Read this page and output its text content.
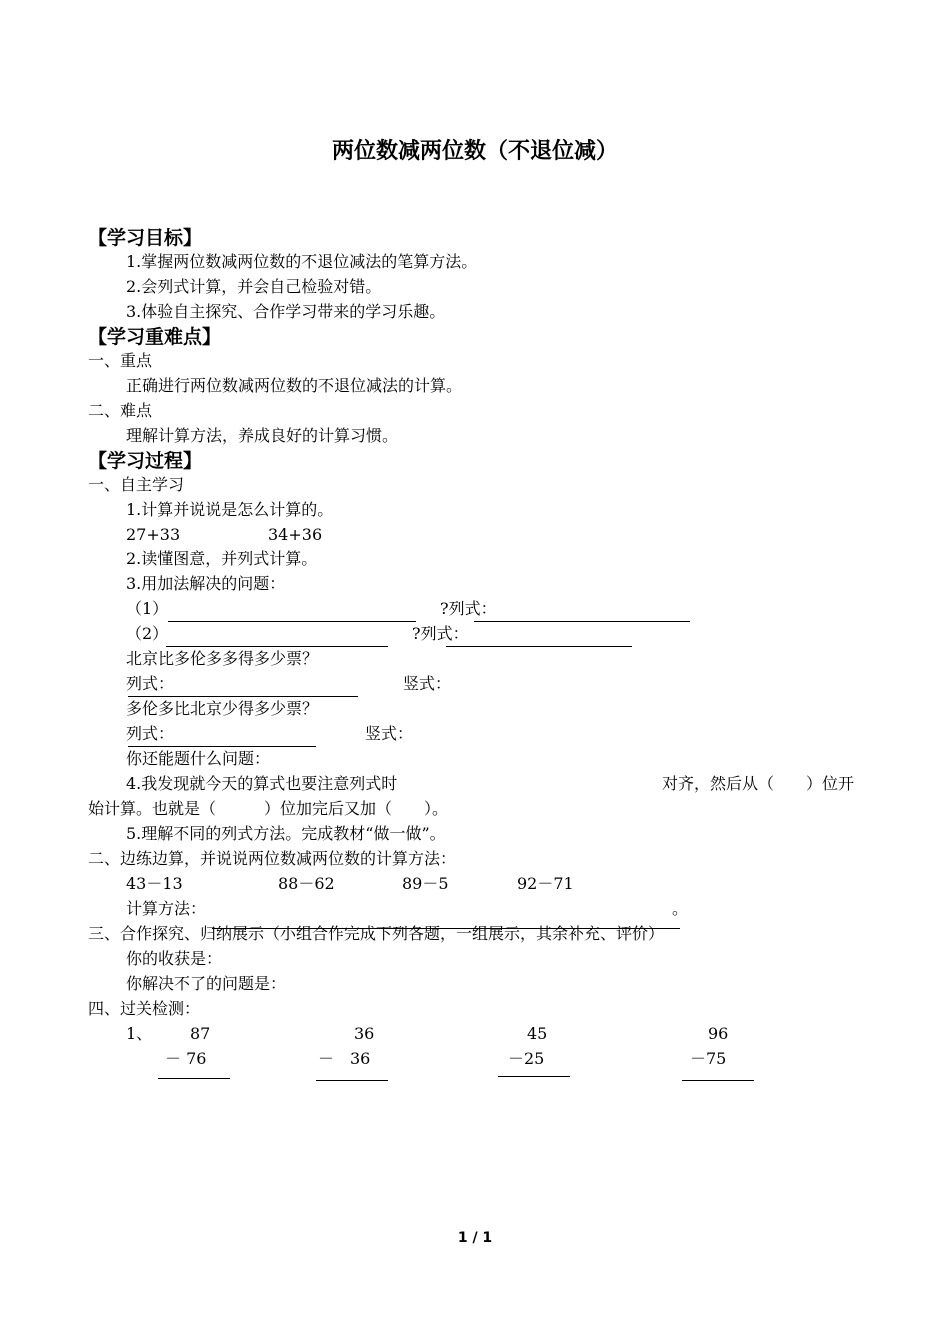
两位数减两位数（不退位减）
【学习目标】
1.掌握两位数减两位数的不退位减法的笔算方法。
2.会列式计算，并会自己检验对错。
3.体验自主探究、合作学习带来的学习乐趣。
【学习重难点】
一、重点
正确进行两位数减两位数的不退位减法的计算。
二、难点
理解计算方法，养成良好的计算习惯。
【学习过程】
一、自主学习
1.计算并说说是怎么计算的。
27+33	34+36
2.读懂图意，并列式计算。
3.用加法解决的问题：
（1）	?列式：
（2）	?列式：
北京比多伦多多得多少票？
列式：	竖式：
多伦多比北京少得多少票？
列式：	竖式：
你还能题什么问题：
4.我发现就今天的算式也要注意列式时	对齐，然后从（　　）位开
始计算。也就是（　　　）位加完后又加（　　）。
5.理解不同的列式方法。完成教材“做一做”。
二、边练边算，并说说两位数减两位数的计算方法：
43－13	88－62	89－5	92－71
计算方法：	。
三、合作探究、归纳展示（小组合作完成下列各题，一组展示，其余补充、评价）
你的收获是：
你解决不了的问题是：
四、过关检测：
1、 87
－ 76
36
－　36
45
－25
96
－75
1 / 1
